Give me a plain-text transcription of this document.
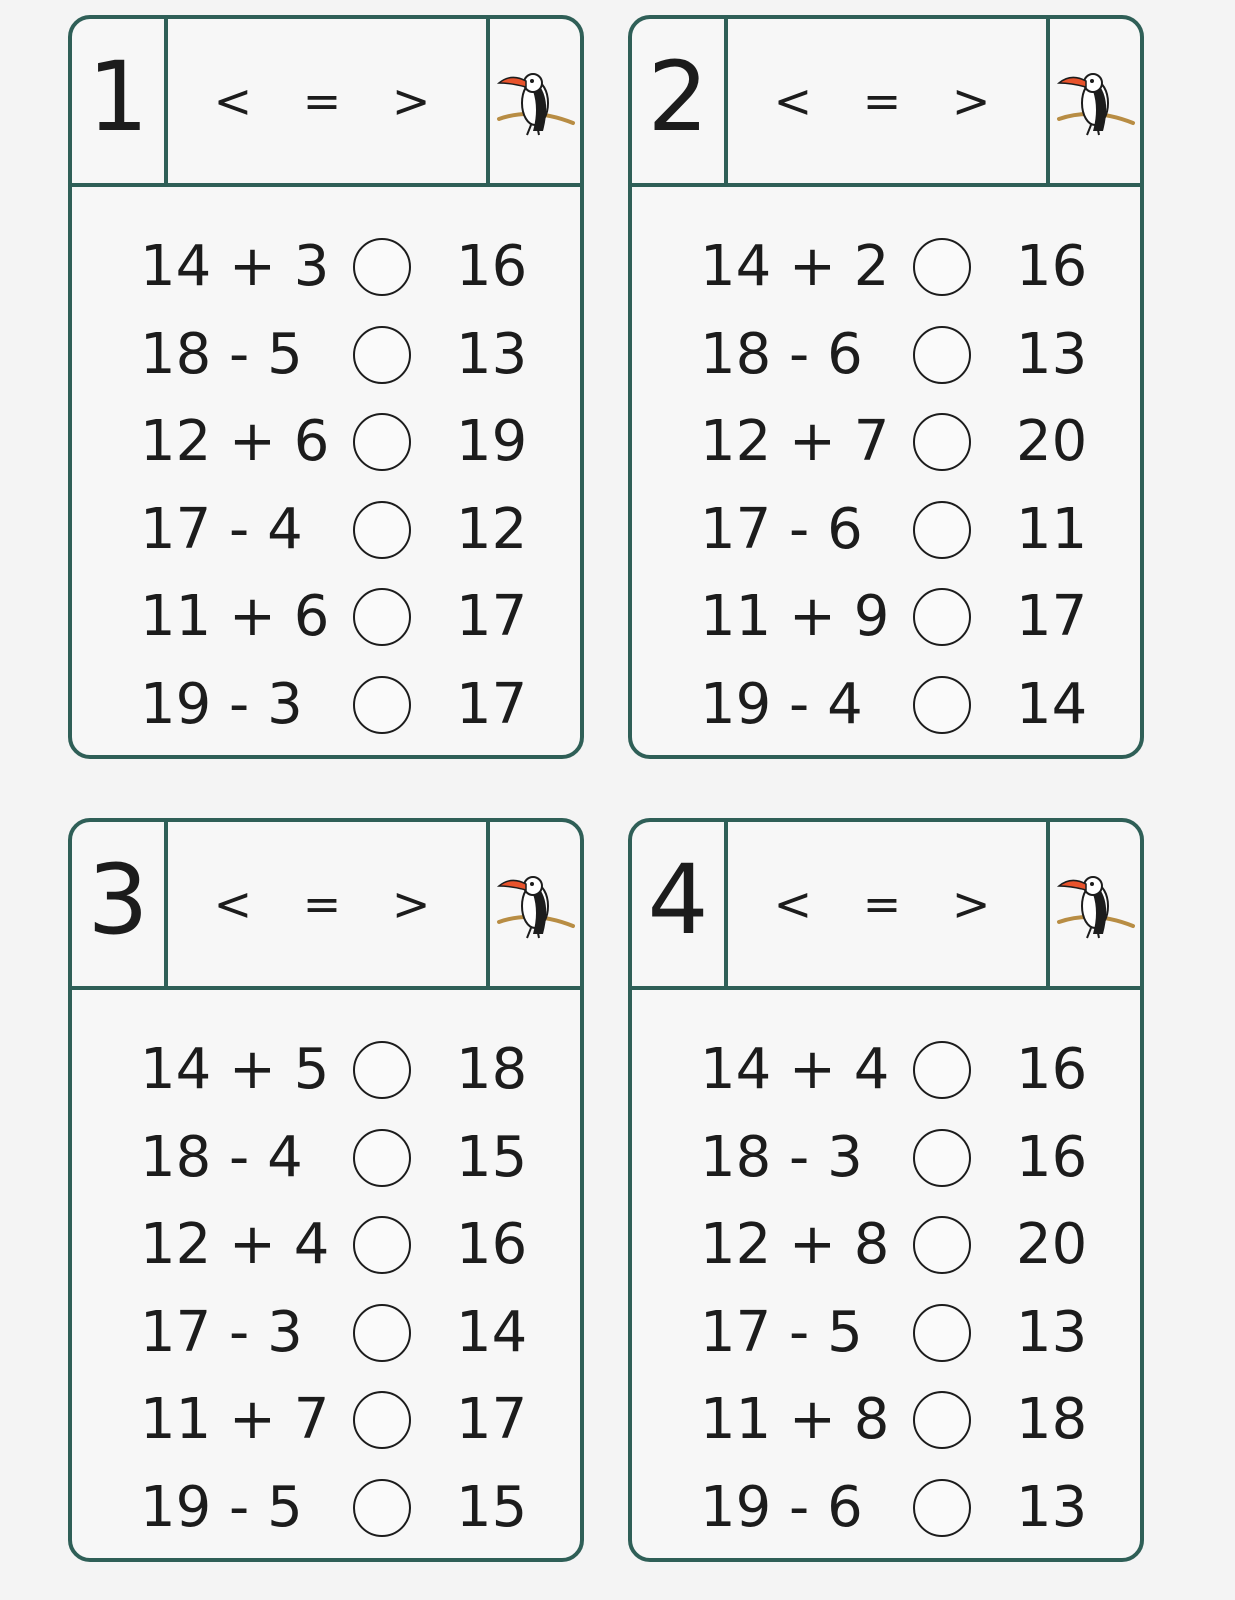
1	< = >
14 + 3 16
18 - 5	13
12 + 6 19
17 - 4	12
11 + 6 17
19 - 3	17
2	< = >
14 + 2 16
18 - 6	13
12 + 7 20
17 - 6	11
11 + 9 17
19 - 4	14
3	< = >
14 + 5 18
18 - 4	15
12 + 4 16
17 - 3	14
11 + 7 17
19 - 5	15
4	< = >
14 + 4 16
18 - 3	16
12 + 8 20
17 - 5	13
11 + 8 18
19 - 6	13
